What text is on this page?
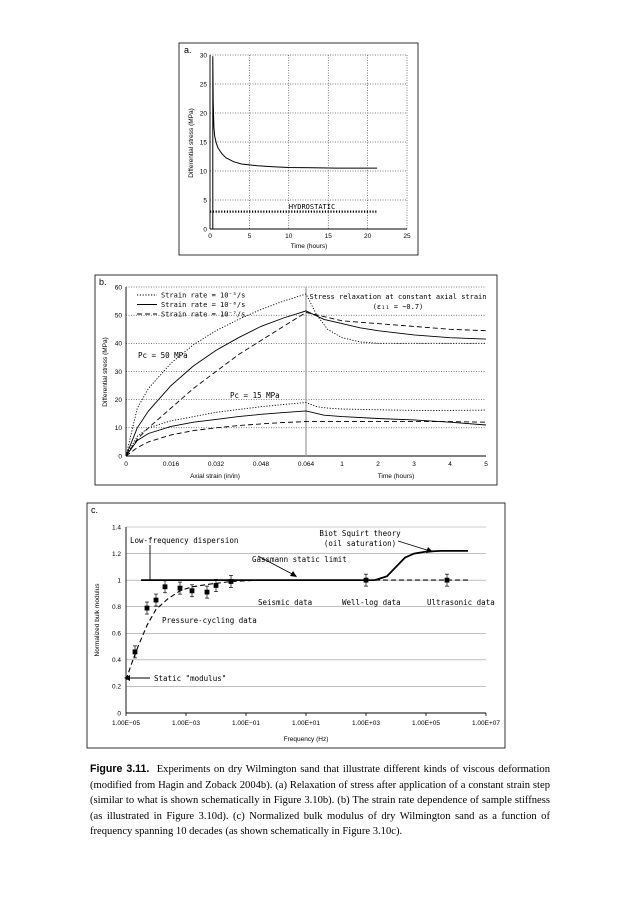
a.
0	5	10	15	20	25
0
5
10
15
20
25
30
HYDROSTATIC
Time (hours)
Differential stress (MPa)
b.
0
10
20
30
40
50
60
0	0.016	0.032	0.048	0.064	1	2	3	4	5
Strain rate = 10⁻⁵/s
Strain rate = 10⁻⁶/s
Strain rate = 10⁻⁷/s
Pc = 50 MPa
Pc = 15 MPa
Stress relaxation at constant axial strain
(ε₁₁ = ~0.7)
Axial strain (in/in)	Time (hours)
Differential stress (MPa)
c.
0
0.2
0.4
0.6
0.8
1
1.2
1.4
1.00E−05	1.00E−03	1.00E−01	1.00E+01	1.00E+03	1.00E+05	1.00E+07
Low-frequency dispersion
Gassmann static limit
Biot Squirt theory
(oil saturation)
Seismic data	Well-log data	Ultrasonic data
Pressure-cycling data
Static "modulus"
Frequency (Hz)
Normalized bulk modulus
Figure 3.11. Experiments on dry Wilmington sand that illustrate different kinds of viscous deformation (modified from Hagin and Zoback 2004b). (a) Relaxation of stress after application of a constant strain step (similar to what is shown schematically in Figure 3.10b). (b) The strain rate dependence of sample stiffness (as illustrated in Figure 3.10d). (c) Normalized bulk modulus of dry Wilmington sand as a function of frequency spanning 10 decades (as shown schematically in Figure 3.10c).
